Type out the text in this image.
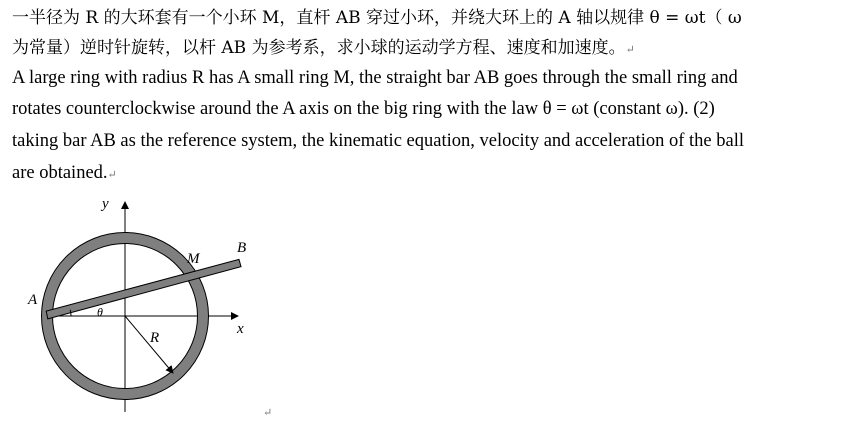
一半径为 R 的大环套有一个小环 M，直杆 AB 穿过小环，并绕大环上的 A 轴以规律 θ = ωt（ ω
为常量）逆时针旋转，以杆 AB 为参考系，求小球的运动学方程、速度和加速度。↵
A large ring with radius R has A small ring M, the straight bar AB goes through the small ring and
rotates counterclockwise around the A axis on the big ring with the law θ = ωt (constant ω). (2)
taking bar AB as the reference system, the kinematic equation, velocity and acceleration of the ball
are obtained.↵
y
x
A
B
M
R
θ
↵
